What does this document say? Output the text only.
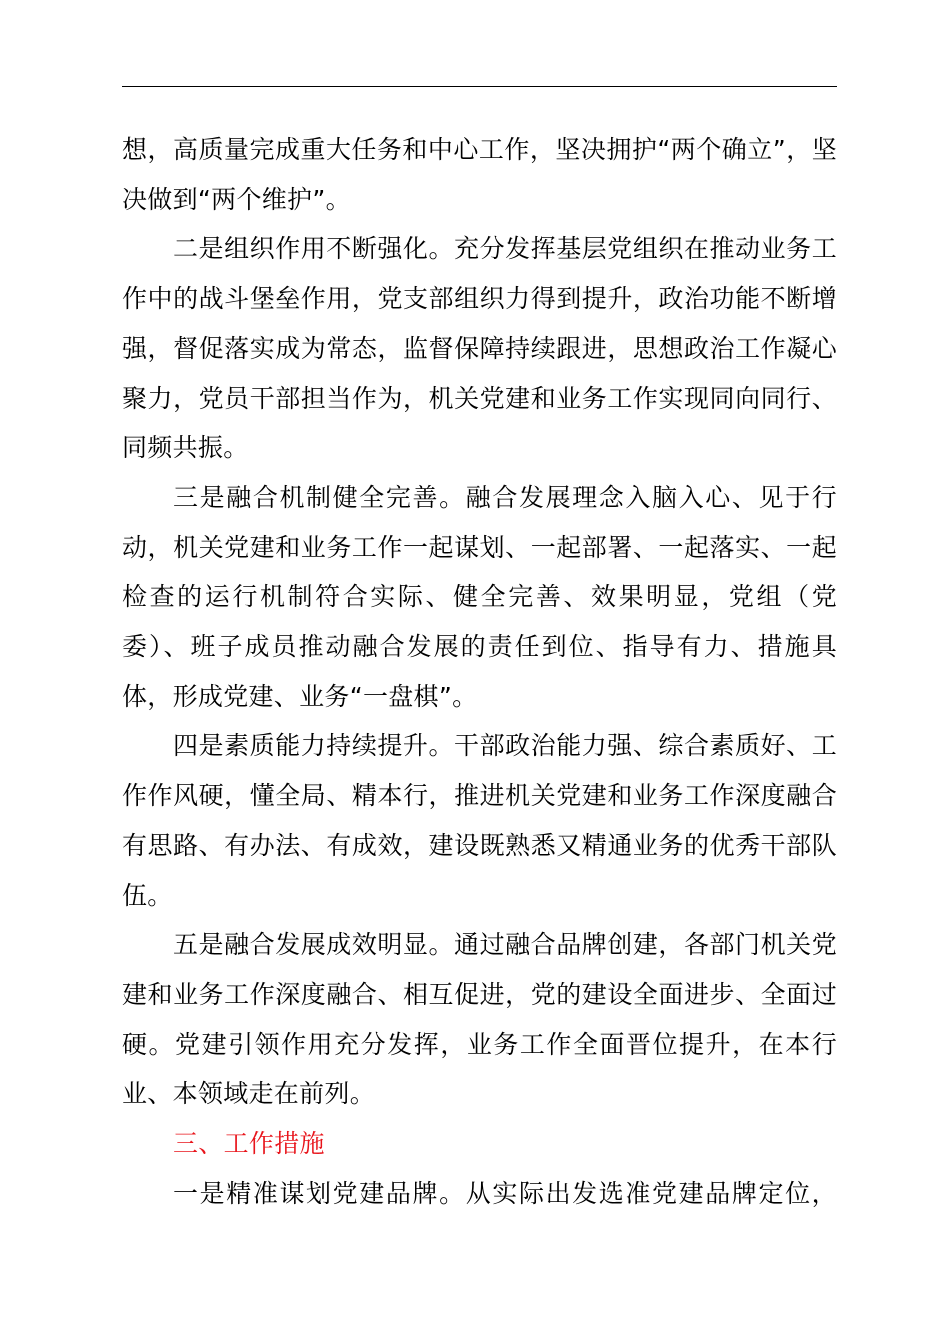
想，高质量完成重大任务和中心工作，坚决拥护“两个确立”，坚决做到“两个维护”。

二是组织作用不断强化。充分发挥基层党组织在推动业务工作中的战斗堡垒作用，党支部组织力得到提升，政治功能不断增强，督促落实成为常态，监督保障持续跟进，思想政治工作凝心聚力，党员干部担当作为，机关党建和业务工作实现同向同行、同频共振。

三是融合机制健全完善。融合发展理念入脑入心、见于行动，机关党建和业务工作一起谋划、一起部署、一起落实、一起检查的运行机制符合实际、健全完善、效果明显，党组（党委）、班子成员推动融合发展的责任到位、指导有力、措施具体，形成党建、业务“一盘棋”。

四是素质能力持续提升。干部政治能力强、综合素质好、工作作风硬，懂全局、精本行，推进机关党建和业务工作深度融合有思路、有办法、有成效，建设既熟悉又精通业务的优秀干部队伍。

五是融合发展成效明显。通过融合品牌创建，各部门机关党建和业务工作深度融合、相互促进，党的建设全面进步、全面过硬。党建引领作用充分发挥，业务工作全面晋位提升，在本行业、本领域走在前列。

三、工作措施

一是精准谋划党建品牌。从实际出发选准党建品牌定位，
